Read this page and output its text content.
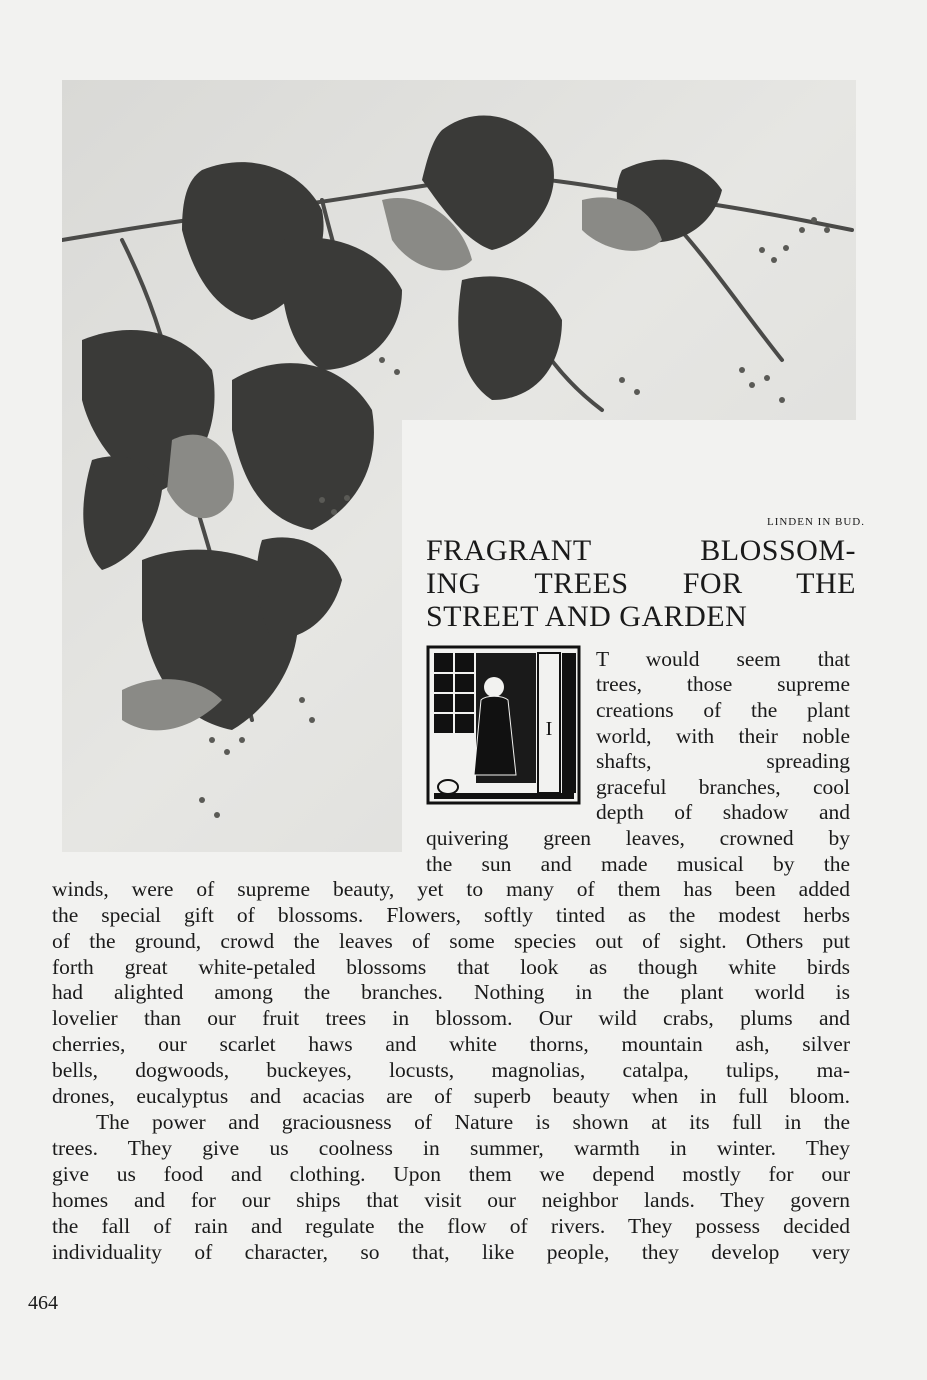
LINDEN IN BUD.
FRAGRANT BLOSSOM-
ING TREES FOR THE
STREET AND GARDEN
I
T would seem that
trees, those supreme
creations of the plant
world, with their noble
shafts, spreading
graceful branches, cool
depth of shadow and
quivering green leaves, crowned by
the sun and made musical by the
winds, were of supreme beauty, yet to many of them has been added
the special gift of blossoms. Flowers, softly tinted as the modest herbs
of the ground, crowd the leaves of some species out of sight. Others put
forth great white-petaled blossoms that look as though white birds
had alighted among the branches. Nothing in the plant world is
lovelier than our fruit trees in blossom. Our wild crabs, plums and
cherries, our scarlet haws and white thorns, mountain ash, silver
bells, dogwoods, buckeyes, locusts, magnolias, catalpa, tulips, ma-
drones, eucalyptus and acacias are of superb beauty when in full bloom.
The power and graciousness of Nature is shown at its full in the
trees. They give us coolness in summer, warmth in winter. They
give us food and clothing. Upon them we depend mostly for our
homes and for our ships that visit our neighbor lands. They govern
the fall of rain and regulate the flow of rivers. They possess decided
individuality of character, so that, like people, they develop very
464
